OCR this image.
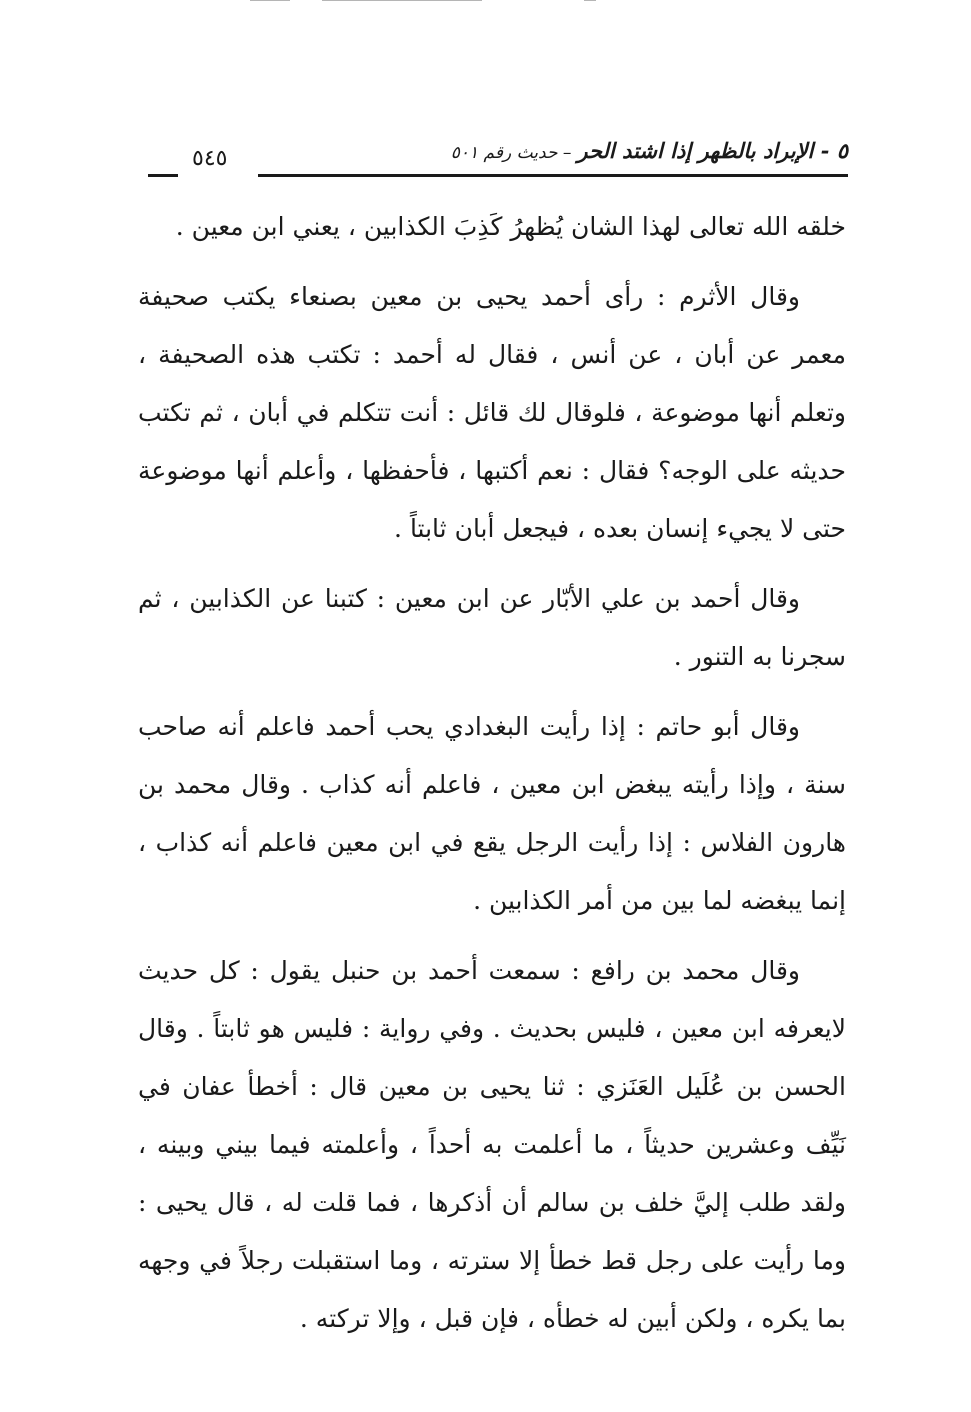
٥ - الإبراد بالظهر إذا اشتد الحر– حديث رقم ٥٠١
٥٤٥

خلقه الله تعالى لهذا الشان يُظهرُ كَذِبَ الكذابين ، يعني ابن معين .

وقال الأثرم : رأى أحمد يحيى بن معين بصنعاء يكتب صحيفة معمر عن أبان ، عن أنس ، فقال له أحمد : تكتب هذه الصحيفة ، وتعلم أنها موضوعة ، فلوقال لك قائل : أنت تتكلم في أبان ، ثم تكتب حديثه على الوجه؟ فقال : نعم أكتبها ، فأحفظها ، وأعلم أنها موضوعة حتى لا يجيء إنسان بعده ، فيجعل أبان ثابتاً .

وقال أحمد بن علي الأبّار عن ابن معين : كتبنا عن الكذابين ، ثم سجرنا به التنور .

وقال أبو حاتم : إذا رأيت البغدادي يحب أحمد فاعلم أنه صاحب سنة ، وإذا رأيته يبغض ابن معين ، فاعلم أنه كذاب . وقال محمد بن هارون الفلاس : إذا رأيت الرجل يقع في ابن معين فاعلم أنه كذاب ، إنما يبغضه لما بين من أمر الكذابين .

وقال محمد بن رافع : سمعت أحمد بن حنبل يقول : كل حديث لايعرفه ابن معين ، فليس بحديث . وفي رواية : فليس هو ثابتاً . وقال الحسن بن عُلَيل العَنَزي : ثنا يحيى بن معين قال : أخطأ عفان في نَيِّف وعشرين حديثاً ، ما أعلمت به أحداً ، وأعلمته فيما بيني وبينه ، ولقد طلب إليَّ خلف بن سالم أن أذكرها ، فما قلت له ، قال يحيى : وما رأيت على رجل قط خطأ إلا سترته ، وما استقبلت رجلاً في وجهه بما يكره ، ولكن أبين له خطأه ، فإن قبل ، وإلا تركته .
